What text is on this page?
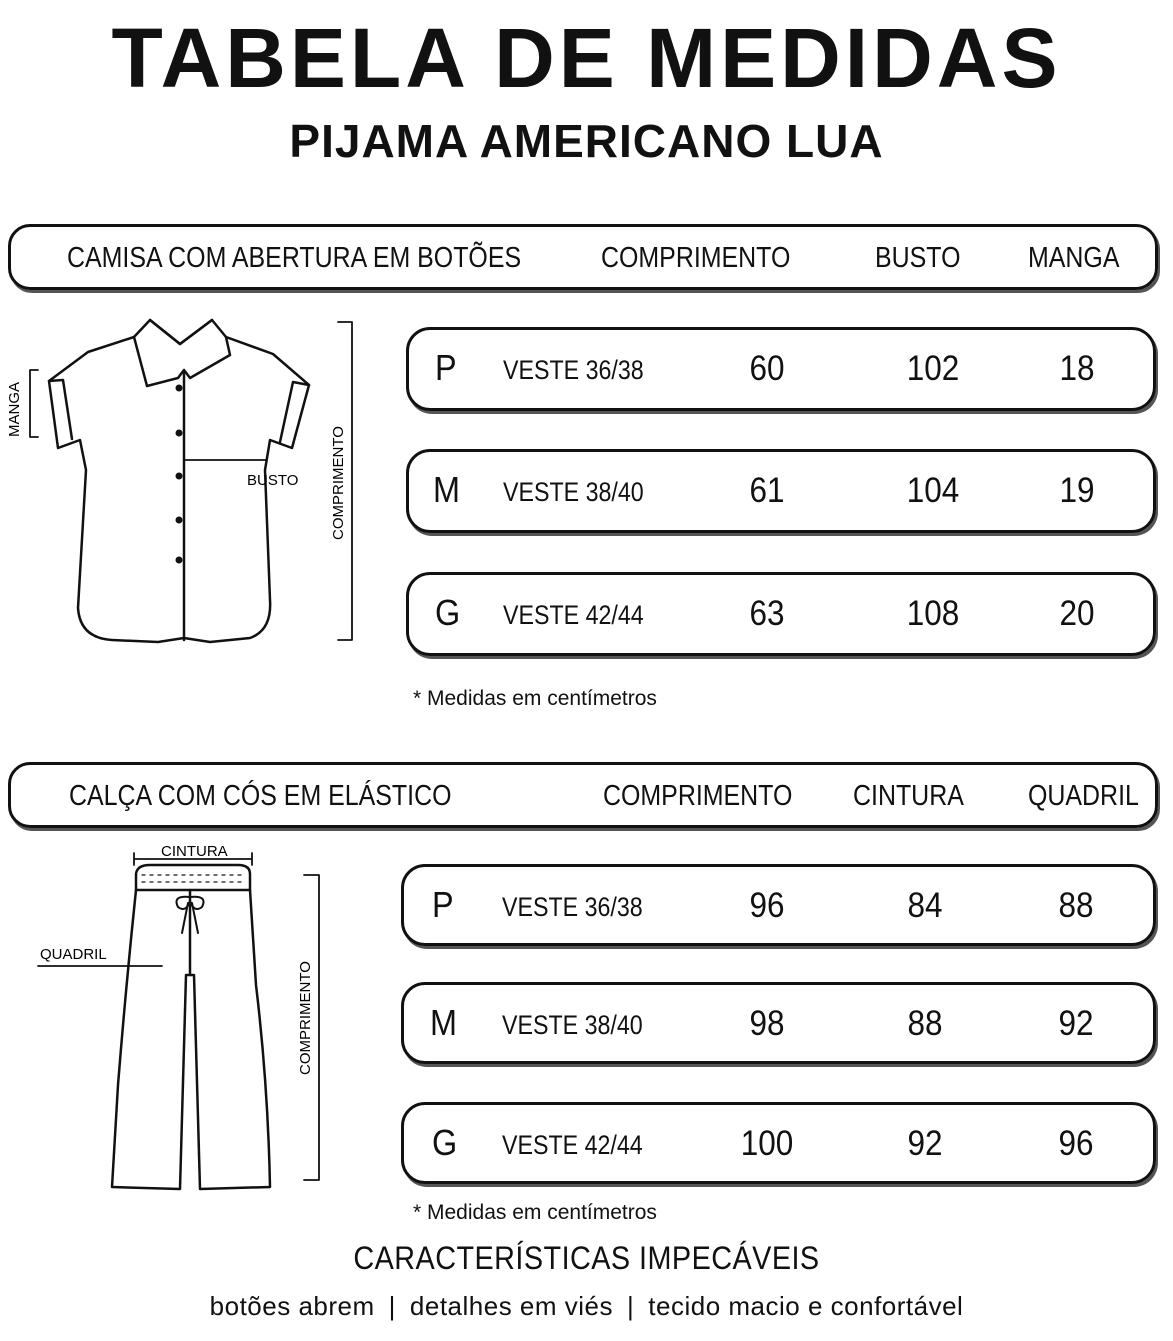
TABELA DE MEDIDAS
PIJAMA AMERICANO LUA
CAMISA COM ABERTURA EM BOTÕES	COMPRIMENTO	BUSTO MANGA
MANGA
BUSTO COMPRIMENTO
P VESTE 36/38	60	102	18
M VESTE 38/40	61	104	19
G VESTE 42/44	63	108	20
* Medidas em centímetros
CALÇA COM CÓS EM ELÁSTICO	COMPRIMENTO CINTURA QUADRIL
CINTURA
QUADRIL
COMPRIMENTO
P VESTE 36/38	96	84	88
M VESTE 38/40	98	88	92
G VESTE 42/44	100	92	96
* Medidas em centímetros
CARACTERÍSTICAS IMPECÁVEIS
botões abrem | detalhes em viés | tecido macio e confortável
